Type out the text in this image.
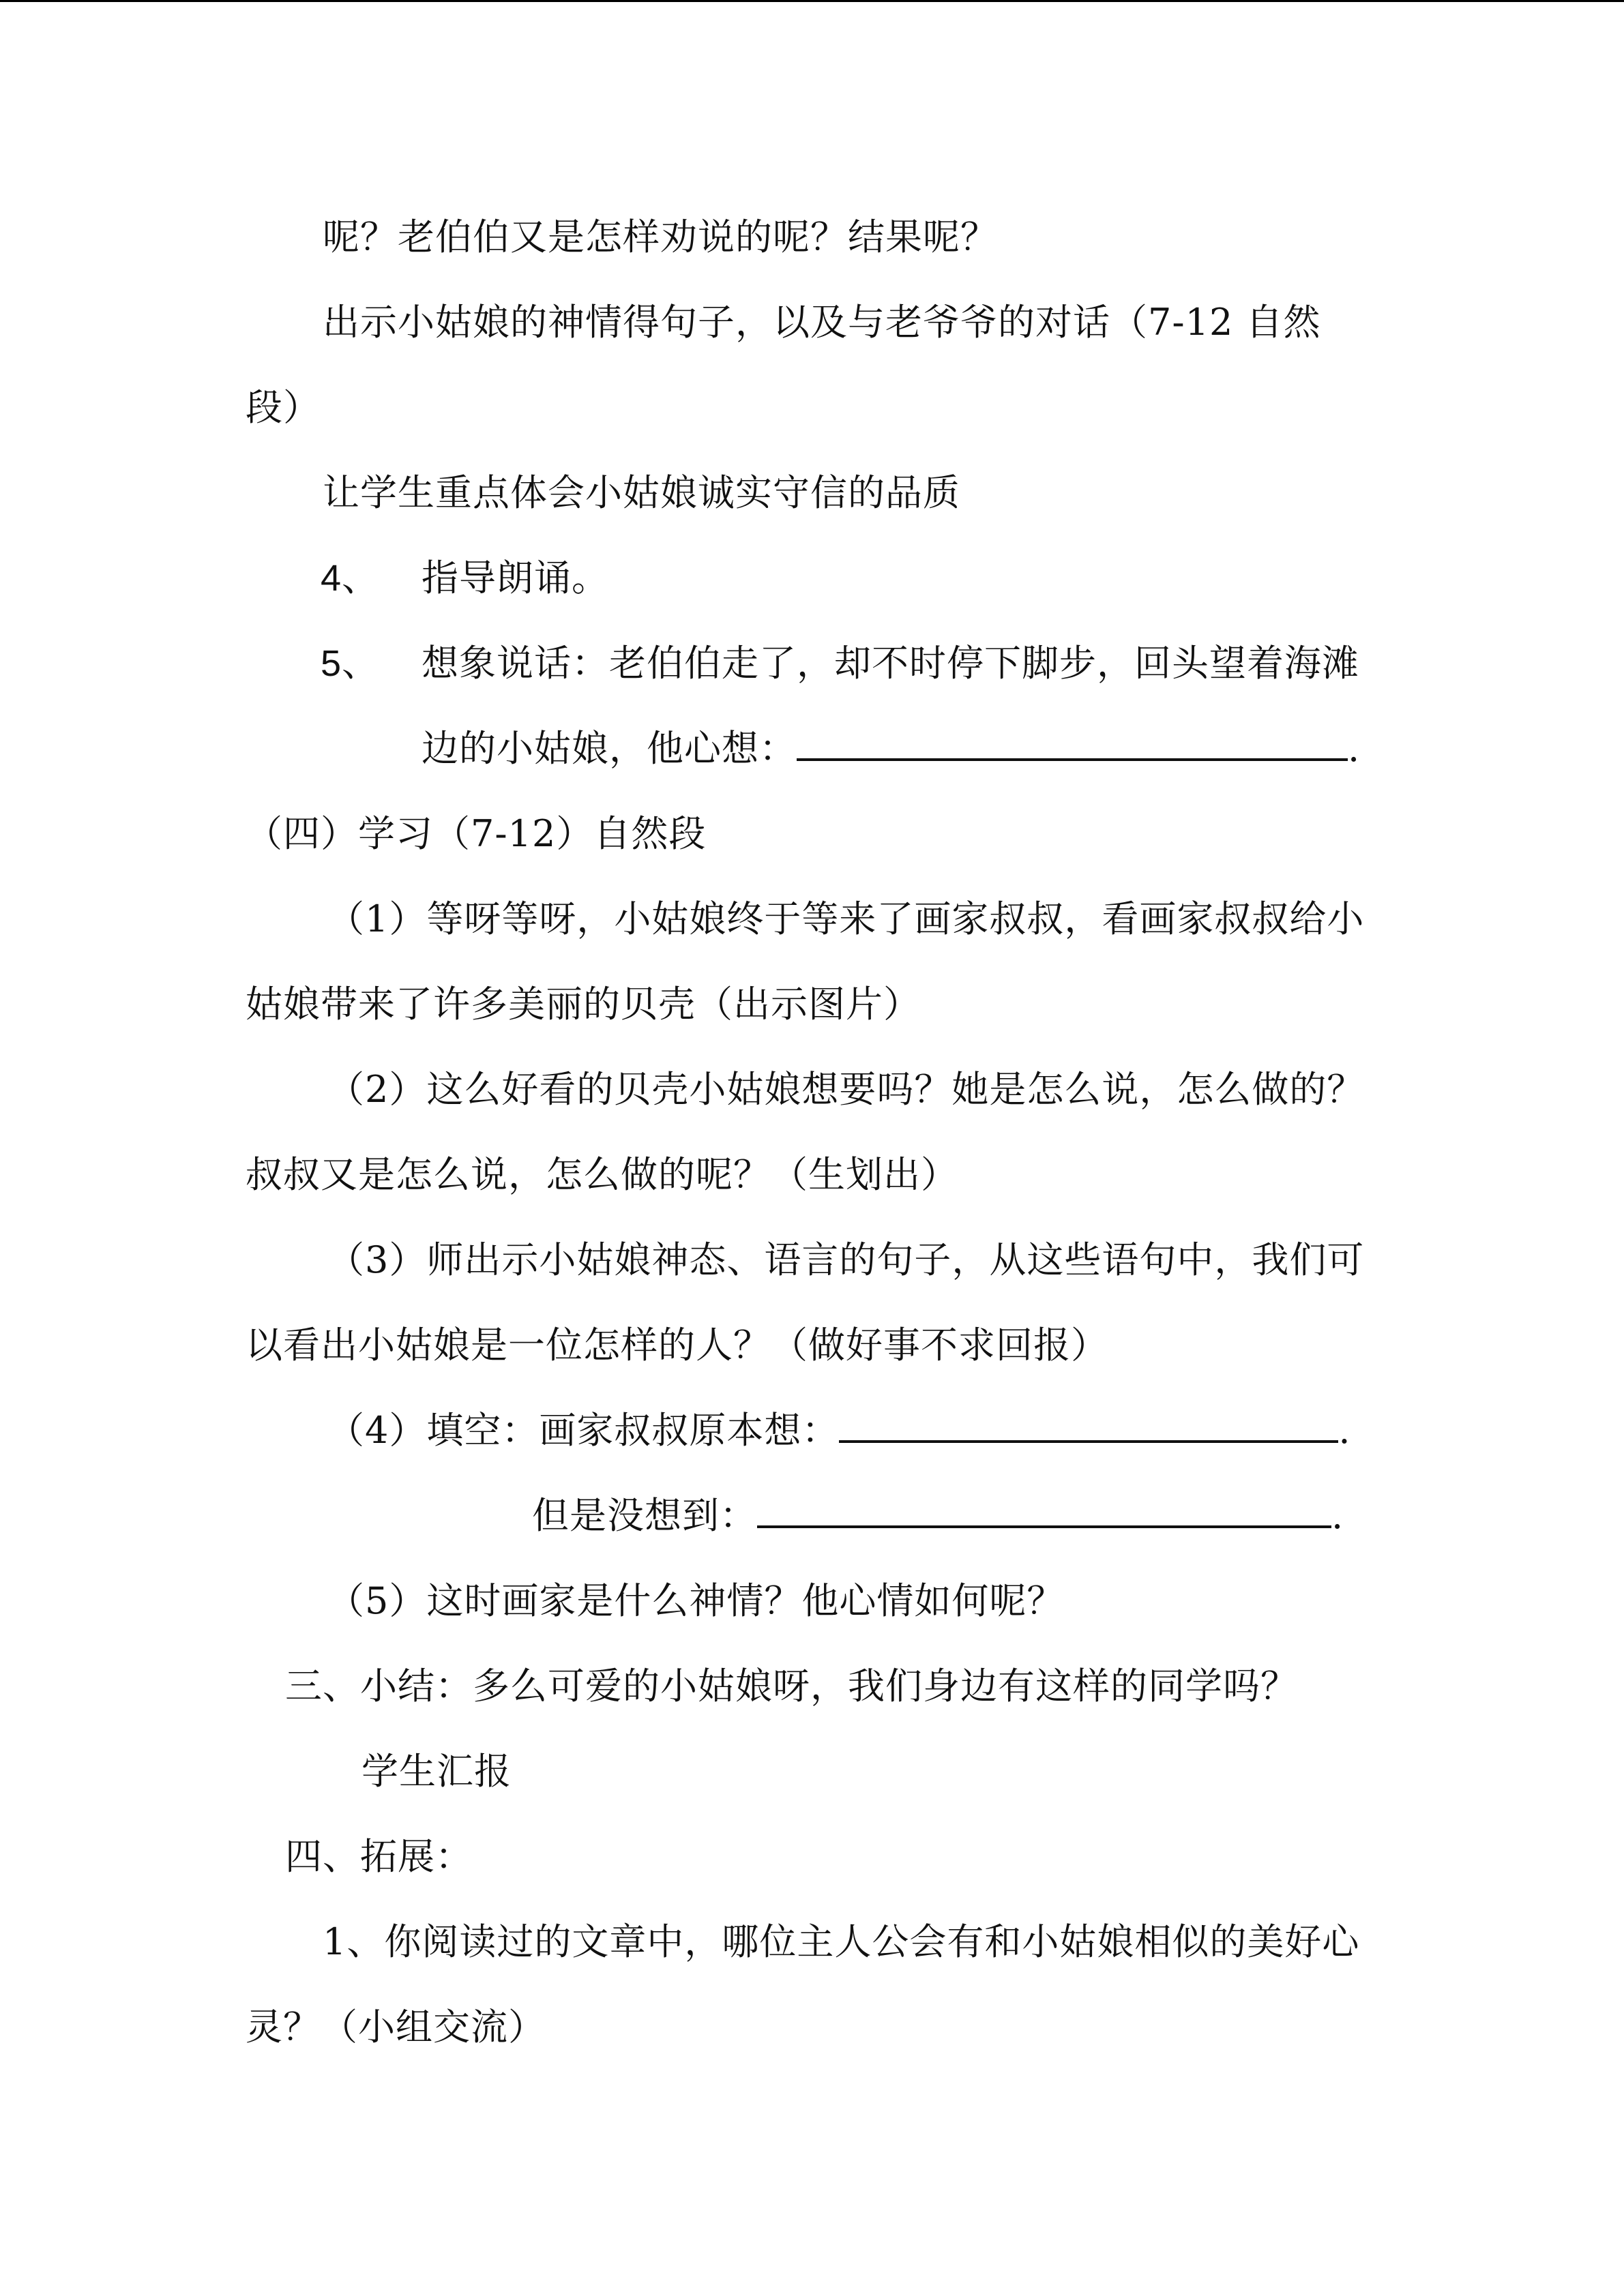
呢？老伯伯又是怎样劝说的呢？结果呢？
出示小姑娘的神情得句子，以及与老爷爷的对话（7-12 自然
段）
让学生重点体会小姑娘诚实守信的品质
4、 指导朗诵。
5、 想象说话：老伯伯走了，却不时停下脚步，回头望着海滩
边的小姑娘，他心想：	.
（四）学习（7-12）自然段
（1）等呀等呀，小姑娘终于等来了画家叔叔，看画家叔叔给小
姑娘带来了许多美丽的贝壳（出示图片）
（2）这么好看的贝壳小姑娘想要吗？她是怎么说，怎么做的？
叔叔又是怎么说，怎么做的呢？（生划出）
（3）师出示小姑娘神态、语言的句子，从这些语句中，我们可
以看出小姑娘是一位怎样的人？（做好事不求回报）
（4）填空：画家叔叔原本想：	.
但是没想到：	.
（5）这时画家是什么神情？他心情如何呢？
三、小结：多么可爱的小姑娘呀，我们身边有这样的同学吗？
学生汇报
四、拓展：
1、你阅读过的文章中，哪位主人公会有和小姑娘相似的美好心
灵？（小组交流）
